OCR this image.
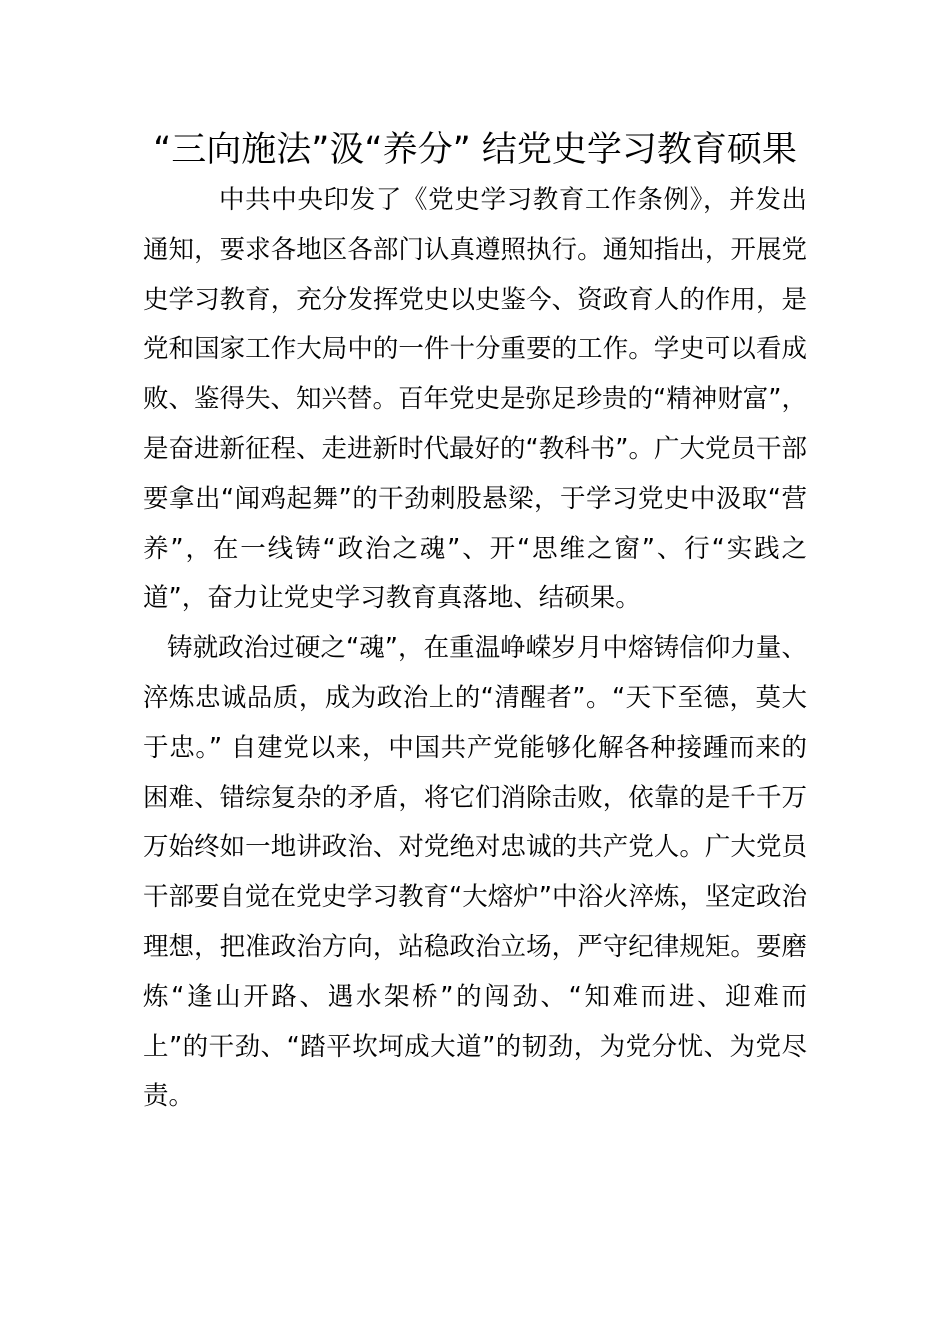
“三向施法”汲“养分” 结党史学习教育硕果

中共中央印发了《党史学习教育工作条例》，并发出通知，要求各地区各部门认真遵照执行。通知指出，开展党史学习教育，充分发挥党史以史鉴今、资政育人的作用，是党和国家工作大局中的一件十分重要的工作。学史可以看成败、鉴得失、知兴替。百年党史是弥足珍贵的“精神财富”，是奋进新征程、走进新时代最好的“教科书”。广大党员干部要拿出“闻鸡起舞”的干劲刺股悬梁，于学习党史中汲取“营养”，在一线铸“政治之魂”、开“思维之窗”、行“实践之道”，奋力让党史学习教育真落地、结硕果。

铸就政治过硬之“魂”，在重温峥嵘岁月中熔铸信仰力量、淬炼忠诚品质，成为政治上的“清醒者”。“天下至德，莫大于忠。” 自建党以来，中国共产党能够化解各种接踵而来的困难、错综复杂的矛盾，将它们消除击败，依靠的是千千万万始终如一地讲政治、对党绝对忠诚的共产党人。广大党员干部要自觉在党史学习教育“大熔炉”中浴火淬炼，坚定政治理想，把准政治方向，站稳政治立场，严守纪律规矩。要磨炼“逢山开路、遇水架桥”的闯劲、“知难而进、迎难而上”的干劲、“踏平坎坷成大道”的韧劲，为党分忧、为党尽责。
